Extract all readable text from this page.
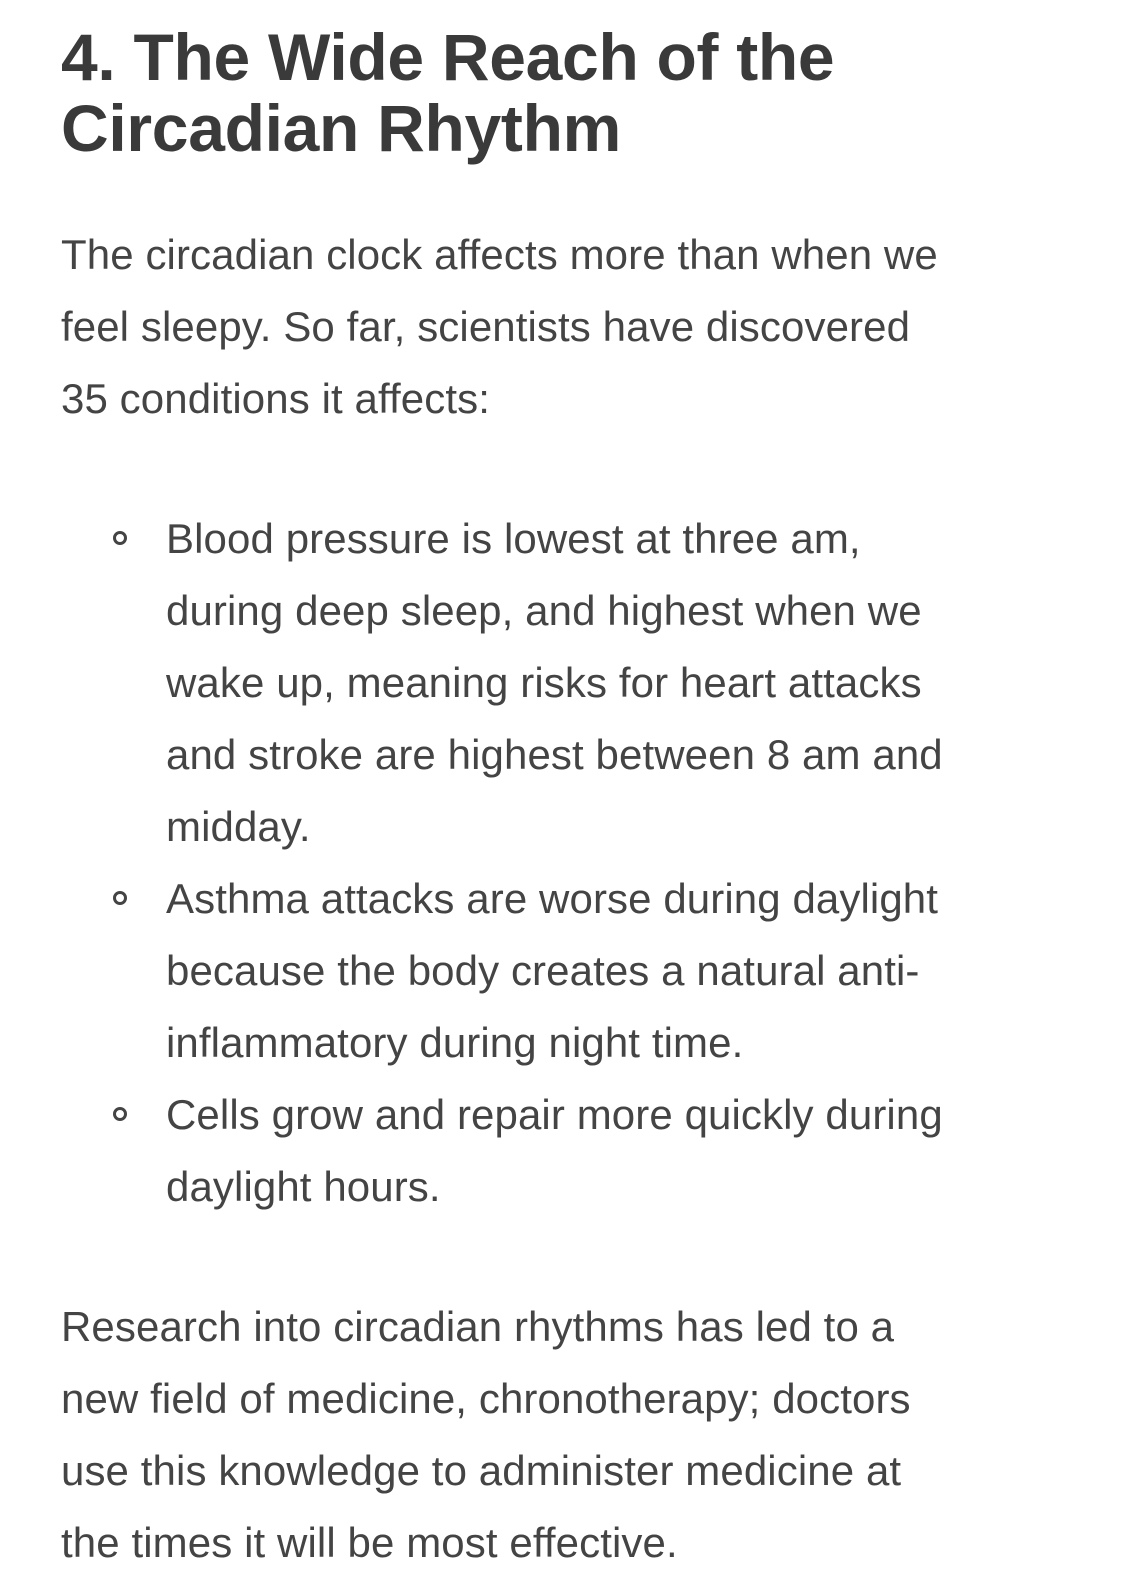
4. The Wide Reach of the
Circadian Rhythm

The circadian clock affects more than when we
feel sleepy. So far, scientists have discovered
35 conditions it affects:

Blood pressure is lowest at three am,
during deep sleep, and highest when we
wake up, meaning risks for heart attacks
and stroke are highest between 8 am and
midday.
Asthma attacks are worse during daylight
because the body creates a natural anti-
inflammatory during night time.
Cells grow and repair more quickly during
daylight hours.

Research into circadian rhythms has led to a
new field of medicine, chronotherapy; doctors
use this knowledge to administer medicine at
the times it will be most effective.
